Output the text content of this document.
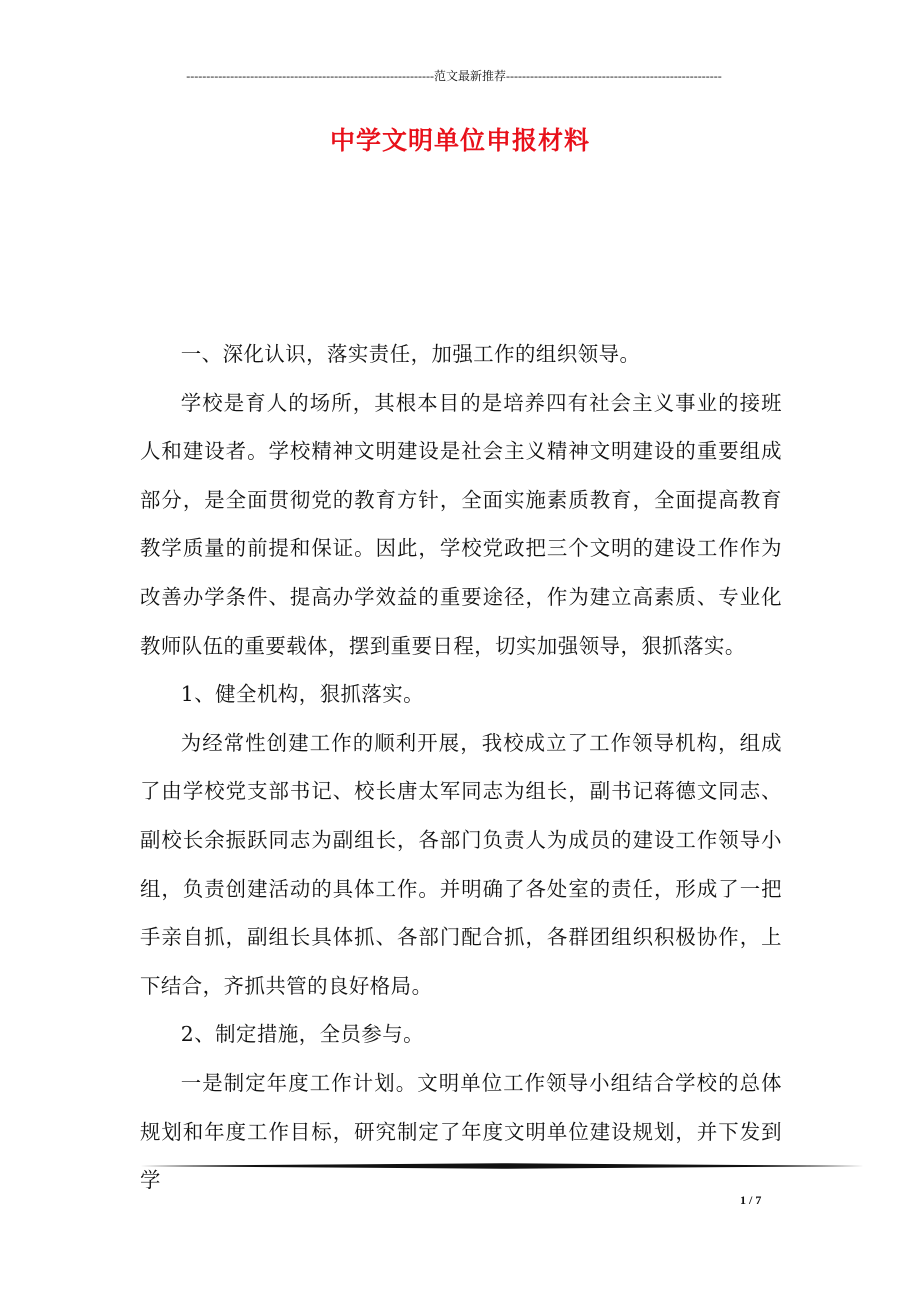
--------------------------------------------------------------范文最新推荐------------------------------------------------------
中学文明单位申报材料

一、深化认识，落实责任，加强工作的组织领导。

学校是育人的场所，其根本目的是培养四有社会主义事业的接班人和建设者。学校精神文明建设是社会主义精神文明建设的重要组成部分，是全面贯彻党的教育方针，全面实施素质教育，全面提高教育教学质量的前提和保证。因此，学校党政把三个文明的建设工作作为改善办学条件、提高办学效益的重要途径，作为建立高素质、专业化教师队伍的重要载体，摆到重要日程，切实加强领导，狠抓落实。

1、健全机构，狠抓落实。

为经常性创建工作的顺利开展，我校成立了工作领导机构，组成了由学校党支部书记、校长唐太军同志为组长，副书记蒋德文同志、副校长余振跃同志为副组长，各部门负责人为成员的建设工作领导小组，负责创建活动的具体工作。并明确了各处室的责任，形成了一把手亲自抓，副组长具体抓、各部门配合抓，各群团组织积极协作，上下结合，齐抓共管的良好格局。

2、制定措施，全员参与。

一是制定年度工作计划。文明单位工作领导小组结合学校的总体规划和年度工作目标，研究制定了年度文明单位建设规划，并下发到学

1 / 7
